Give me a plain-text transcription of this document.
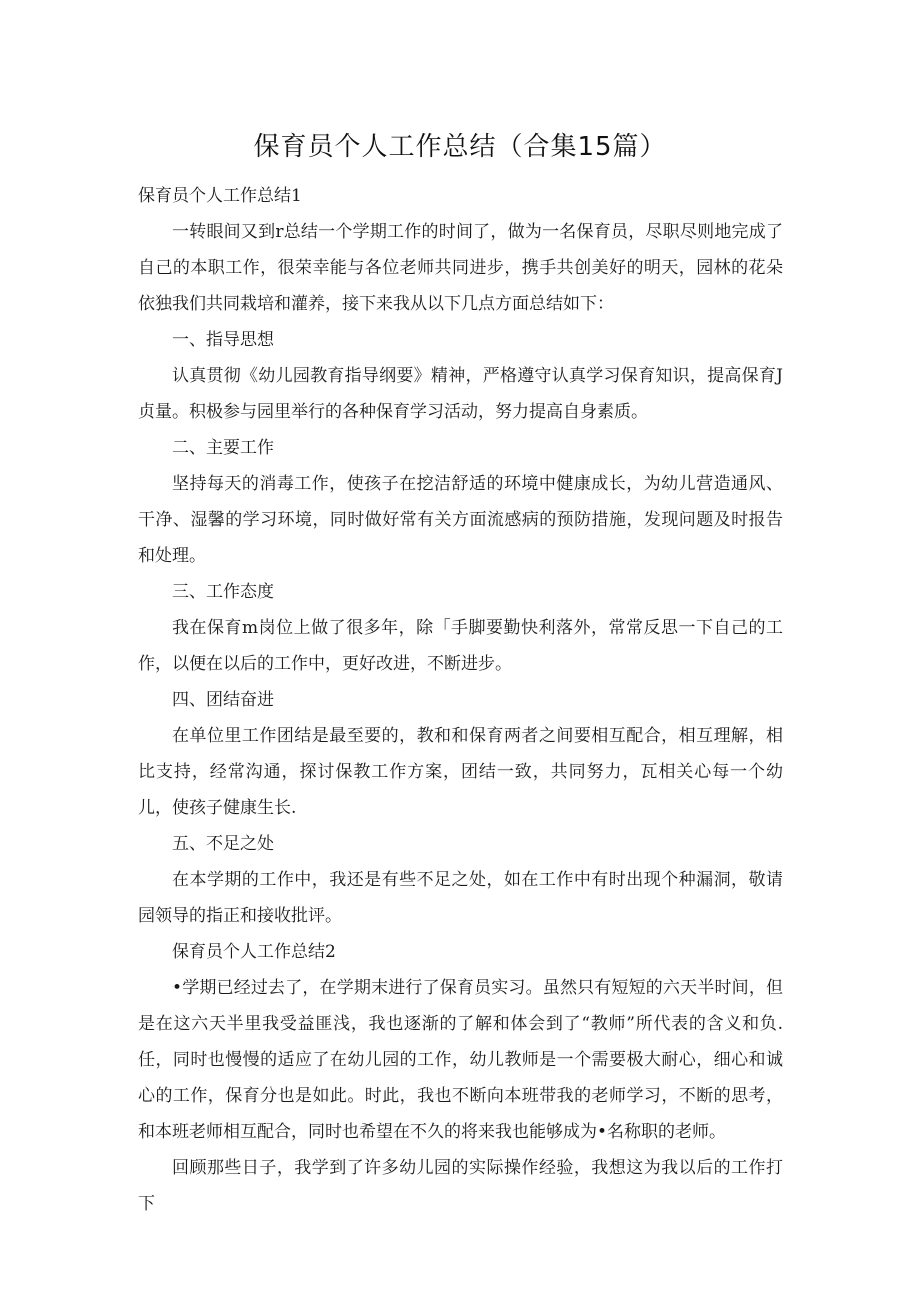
保育员个人工作总结（合集15篇）

保育员个人工作总结1

一转眼间又到r总结一个学期工作的时间了，做为一名保育员，尽职尽则地完成了自己的本职工作，很荣幸能与各位老师共同进步，携手共创美好的明天，园林的花朵依独我们共同栽培和灌养，接下来我从以下几点方面总结如下：

一、指导思想

认真贯彻《幼儿园教育指导纲要》精神，严格遵守认真学习保育知识，提高保育J贞量。积极参与园里举行的各种保育学习活动，努力提高自身素质。

二、主要工作

坚持每天的消毒工作，使孩子在挖洁舒适的环境中健康成长，为幼儿营造通风、干净、湿馨的学习环境，同时做好常有关方面流感病的预防措施，发现问题及时报告和处理。

三、工作态度

我在保育m岗位上做了很多年，除「手脚要勤快利落外，常常反思一下自己的工作，以便在以后的工作中，更好改进，不断进步。

四、团结奋进

在单位里工作团结是最至要的，教和和保育两者之间要相互配合，相互理解，相比支持，经常沟通，探讨保教工作方案，团结一致，共同努力，瓦相关心每一个幼儿，使孩子健康生长.

五、不足之处

在本学期的工作中，我还是有些不足之处，如在工作中有时出现个种漏洞，敬请园领导的指正和接收批评。

保育员个人工作总结2

•学期已经过去了，在学期末进行了保育员实习。虽然只有短短的六天半时间，但是在这六天半里我受益匪浅，我也逐渐的了解和体会到了“教师”所代表的含义和负.任，同时也慢慢的适应了在幼儿园的工作，幼儿教师是一个需要极大耐心，细心和诚心的工作，保育分也是如此。时此，我也不断向本班带我的老师学习，不断的思考，和本班老师相互配合，同时也希望在不久的将来我也能够成为•名称职的老师。

回顾那些日子，我学到了许多幼儿园的实际操作经验，我想这为我以后的工作打下
